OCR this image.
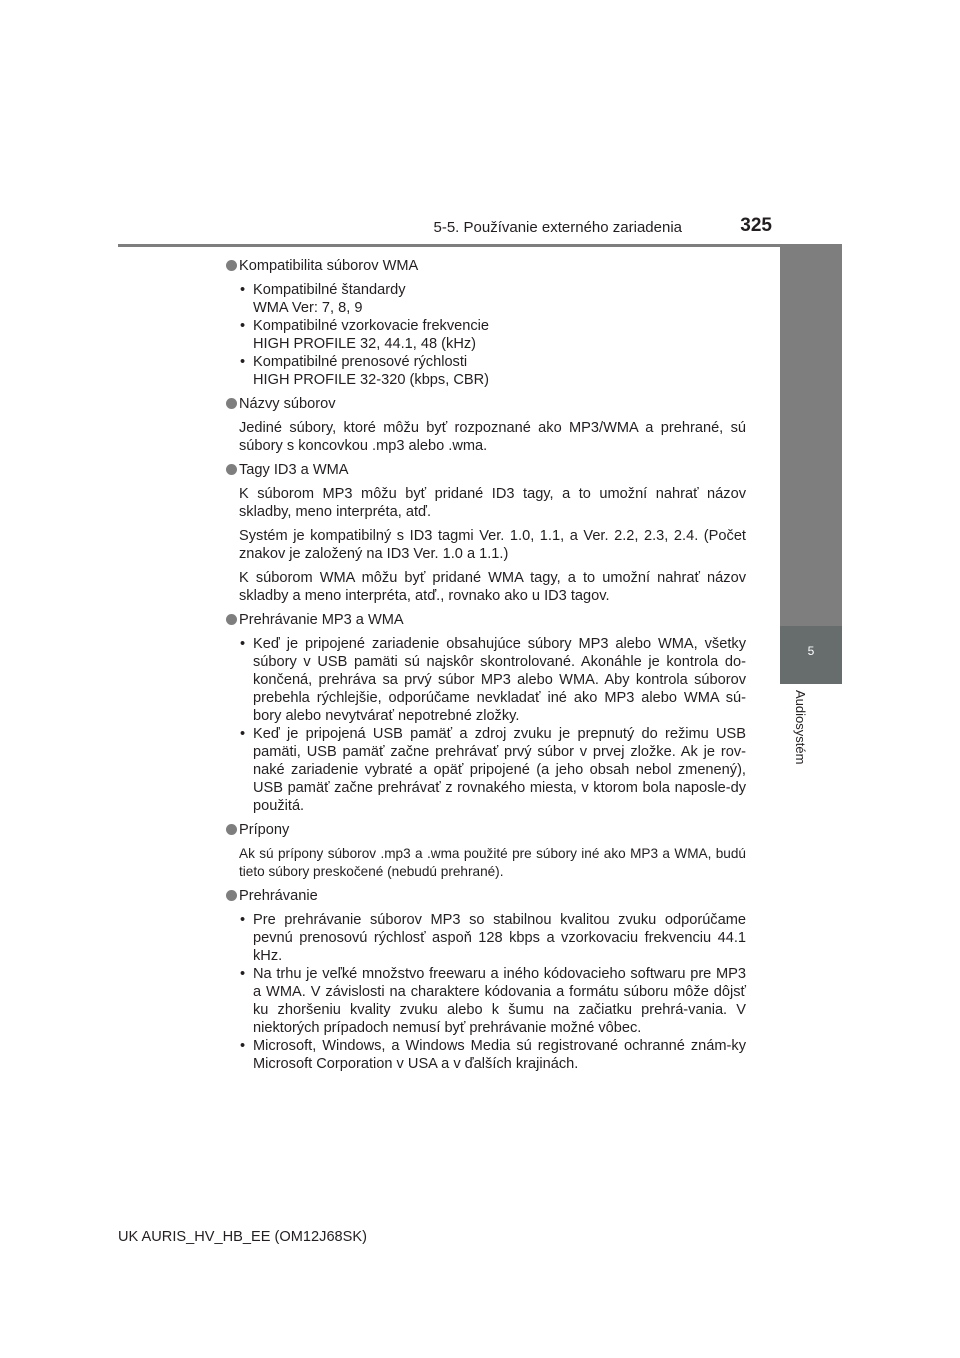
5-5. Používanie externého zariadenia	325
5
Audiosystém
Kompatibilita súborov WMA
• Kompatibilné štandardy
WMA Ver: 7, 8, 9
• Kompatibilné vzorkovacie frekvencie
HIGH PROFILE 32, 44.1, 48 (kHz)
• Kompatibilné prenosové rýchlosti
HIGH PROFILE 32-320 (kbps, CBR)
Názvy súborov

Jediné súbory, ktoré môžu byť rozpoznané ako MP3/WMA a prehrané, sú súbory s koncovkou .mp3 alebo .wma.

Tagy ID3 a WMA

K súborom MP3 môžu byť pridané ID3 tagy, a to umožní nahrať názov skladby, meno interpréta, atď.

Systém je kompatibilný s ID3 tagmi Ver. 1.0, 1.1, a Ver. 2.2, 2.3, 2.4. (Počet znakov je založený na ID3 Ver. 1.0 a 1.1.)

K súborom WMA môžu byť pridané WMA tagy, a to umožní nahrať názov skladby a meno interpréta, atď., rovnako ako u ID3 tagov.

Prehrávanie MP3 a WMA
• Keď je pripojené zariadenie obsahujúce súbory MP3 alebo WMA, všetky súbory v USB pamäti sú najskôr skontrolované. Akonáhle je kontrola do-končená, prehráva sa prvý súbor MP3 alebo WMA. Aby kontrola súborov prebehla rýchlejšie, odporúčame nevkladať iné ako MP3 alebo WMA sú-bory alebo nevytvárať nepotrebné zložky.
• Keď je pripojená USB pamäť a zdroj zvuku je prepnutý do režimu USB pamäti, USB pamäť začne prehrávať prvý súbor v prvej zložke. Ak je rov-naké zariadenie vybraté a opäť pripojené (a jeho obsah nebol zmenený), USB pamäť začne prehrávať z rovnakého miesta, v ktorom bola naposle-dy použitá.
Prípony

Ak sú prípony súborov .mp3 a .wma použité pre súbory iné ako MP3 a WMA, budú tieto súbory preskočené (nebudú prehrané).

Prehrávanie
• Pre prehrávanie súborov MP3 so stabilnou kvalitou zvuku odporúčame pevnú prenosovú rýchlosť aspoň 128 kbps a vzorkovaciu frekvenciu 44.1 kHz.
• Na trhu je veľké množstvo freewaru a iného kódovacieho softwaru pre MP3 a WMA. V závislosti na charaktere kódovania a formátu súboru môže dôjsť ku zhoršeniu kvality zvuku alebo k šumu na začiatku prehrá-vania. V niektorých prípadoch nemusí byť prehrávanie možné vôbec.
• Microsoft, Windows, a Windows Media sú registrované ochranné znám-ky Microsoft Corporation v USA a v ďalších krajinách.
UK AURIS_HV_HB_EE (OM12J68SK)
